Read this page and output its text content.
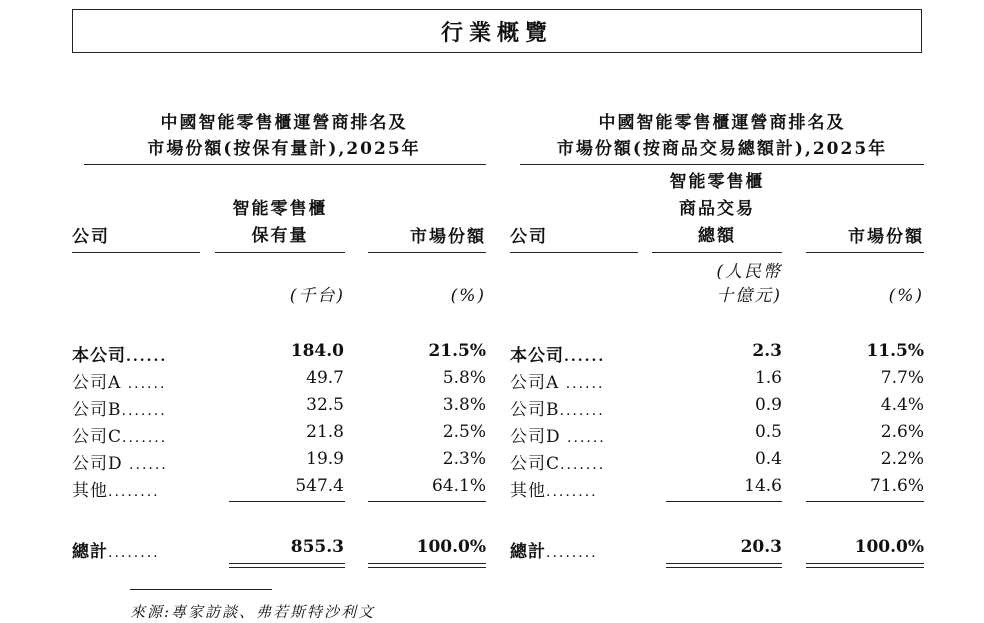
行業概覽
中國智能零售櫃運營商排名及
市場份額(按保有量計),2025年
公司
智能零售櫃
保有量	市場份額
(千台)	(%)
本公司......	184.0	21.5%
公司A ......	49.7	5.8%
公司B.......	32.5	3.8%
公司C.......	21.8	2.5%
公司D ......	19.9	2.3%
其他........	547.4	64.1%
總計........	855.3	100.0%
中國智能零售櫃運營商排名及
市場份額(按商品交易總額計),2025年
公司
智能零售櫃
商品交易
總額	市場份額
(人民幣
十億元)	(%)
本公司......	2.3	11.5%
公司A ......	1.6	7.7%
公司B.......	0.9	4.4%
公司D ......	0.5	2.6%
公司C.......	0.4	2.2%
其他........	14.6	71.6%
總計........	20.3	100.0%
來源:專家訪談、弗若斯特沙利文
